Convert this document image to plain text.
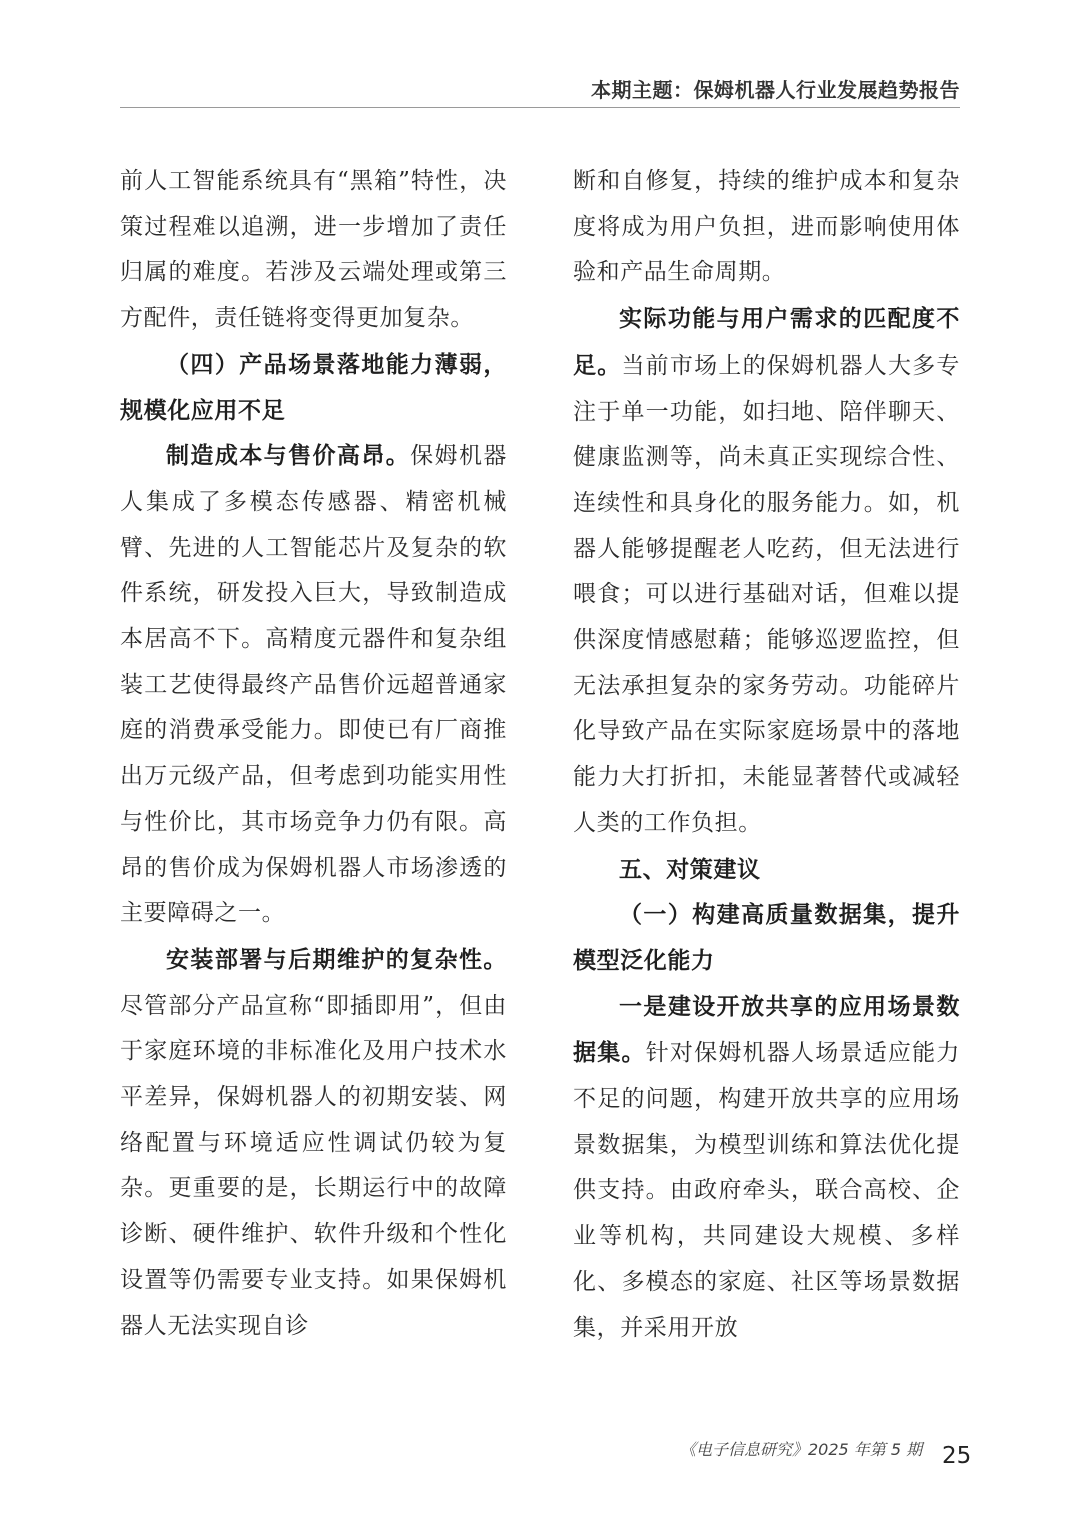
本期主题：保姆机器人行业发展趋势报告

前人工智能系统具有“黑箱”特性，决策过程难以追溯，进一步增加了责任归属的难度。若涉及云端处理或第三方配件，责任链将变得更加复杂。

（四）产品场景落地能力薄弱，规模化应用不足

制造成本与售价高昂。保姆机器人集成了多模态传感器、精密机械臂、先进的人工智能芯片及复杂的软件系统，研发投入巨大，导致制造成本居高不下。高精度元器件和复杂组装工艺使得最终产品售价远超普通家庭的消费承受能力。即使已有厂商推出万元级产品，但考虑到功能实用性与性价比，其市场竞争力仍有限。高昂的售价成为保姆机器人市场渗透的主要障碍之一。

安装部署与后期维护的复杂性。尽管部分产品宣称“即插即用”，但由于家庭环境的非标准化及用户技术水平差异，保姆机器人的初期安装、网络配置与环境适应性调试仍较为复杂。更重要的是，长期运行中的故障诊断、硬件维护、软件升级和个性化设置等仍需要专业支持。如果保姆机器人无法实现自诊

断和自修复，持续的维护成本和复杂度将成为用户负担，进而影响使用体验和产品生命周期。

实际功能与用户需求的匹配度不足。当前市场上的保姆机器人大多专注于单一功能，如扫地、陪伴聊天、健康监测等，尚未真正实现综合性、连续性和具身化的服务能力。如，机器人能够提醒老人吃药，但无法进行喂食；可以进行基础对话，但难以提供深度情感慰藉；能够巡逻监控，但无法承担复杂的家务劳动。功能碎片化导致产品在实际家庭场景中的落地能力大打折扣，未能显著替代或减轻人类的工作负担。

五、对策建议

（一）构建高质量数据集，提升模型泛化能力

一是建设开放共享的应用场景数据集。针对保姆机器人场景适应能力不足的问题，构建开放共享的应用场景数据集，为模型训练和算法优化提供支持。由政府牵头，联合高校、企业等机构，共同建设大规模、多样化、多模态的家庭、社区等场景数据集，并采用开放

《电子信息研究》2025 年第 5 期 25
